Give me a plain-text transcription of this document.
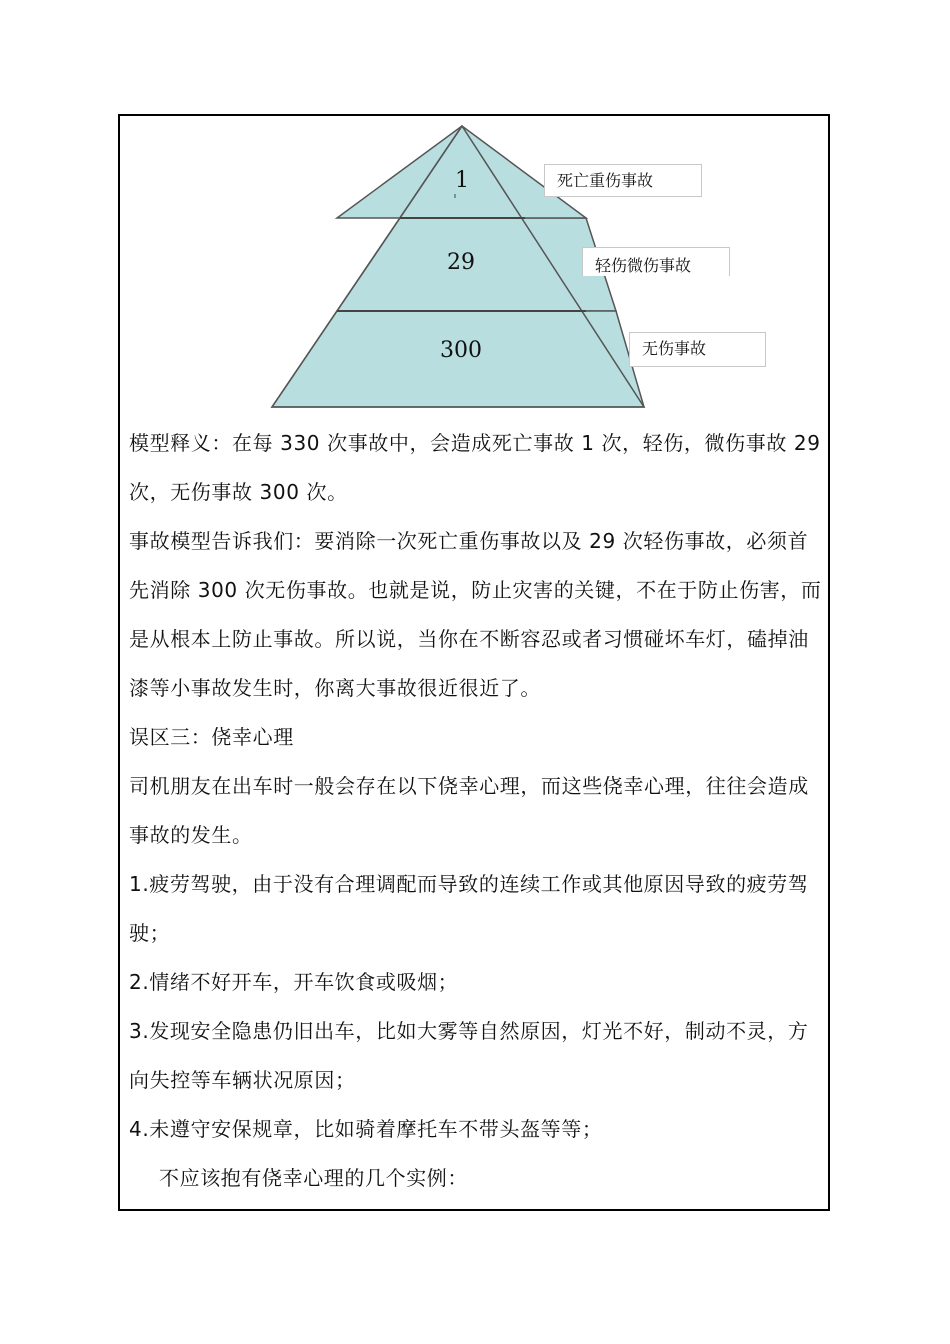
1
29
300
死亡重伤事故
轻伤微伤事故
无伤事故

模型释义：在每 330 次事故中，会造成死亡事故 1 次，轻伤，微伤事故 29 次，无伤事故 300 次。

事故模型告诉我们：要消除一次死亡重伤事故以及 29 次轻伤事故，必须首先消除 300 次无伤事故。也就是说，防止灾害的关键，不在于防止伤害，而是从根本上防止事故。所以说，当你在不断容忍或者习惯碰坏车灯，磕掉油漆等小事故发生时，你离大事故很近很近了。

误区三：侥幸心理

司机朋友在出车时一般会存在以下侥幸心理，而这些侥幸心理，往往会造成事故的发生。

1.疲劳驾驶，由于没有合理调配而导致的连续工作或其他原因导致的疲劳驾驶；

2.情绪不好开车，开车饮食或吸烟；

3.发现安全隐患仍旧出车，比如大雾等自然原因，灯光不好，制动不灵，方向失控等车辆状况原因；

4.未遵守安保规章，比如骑着摩托车不带头盔等等；

不应该抱有侥幸心理的几个实例：
